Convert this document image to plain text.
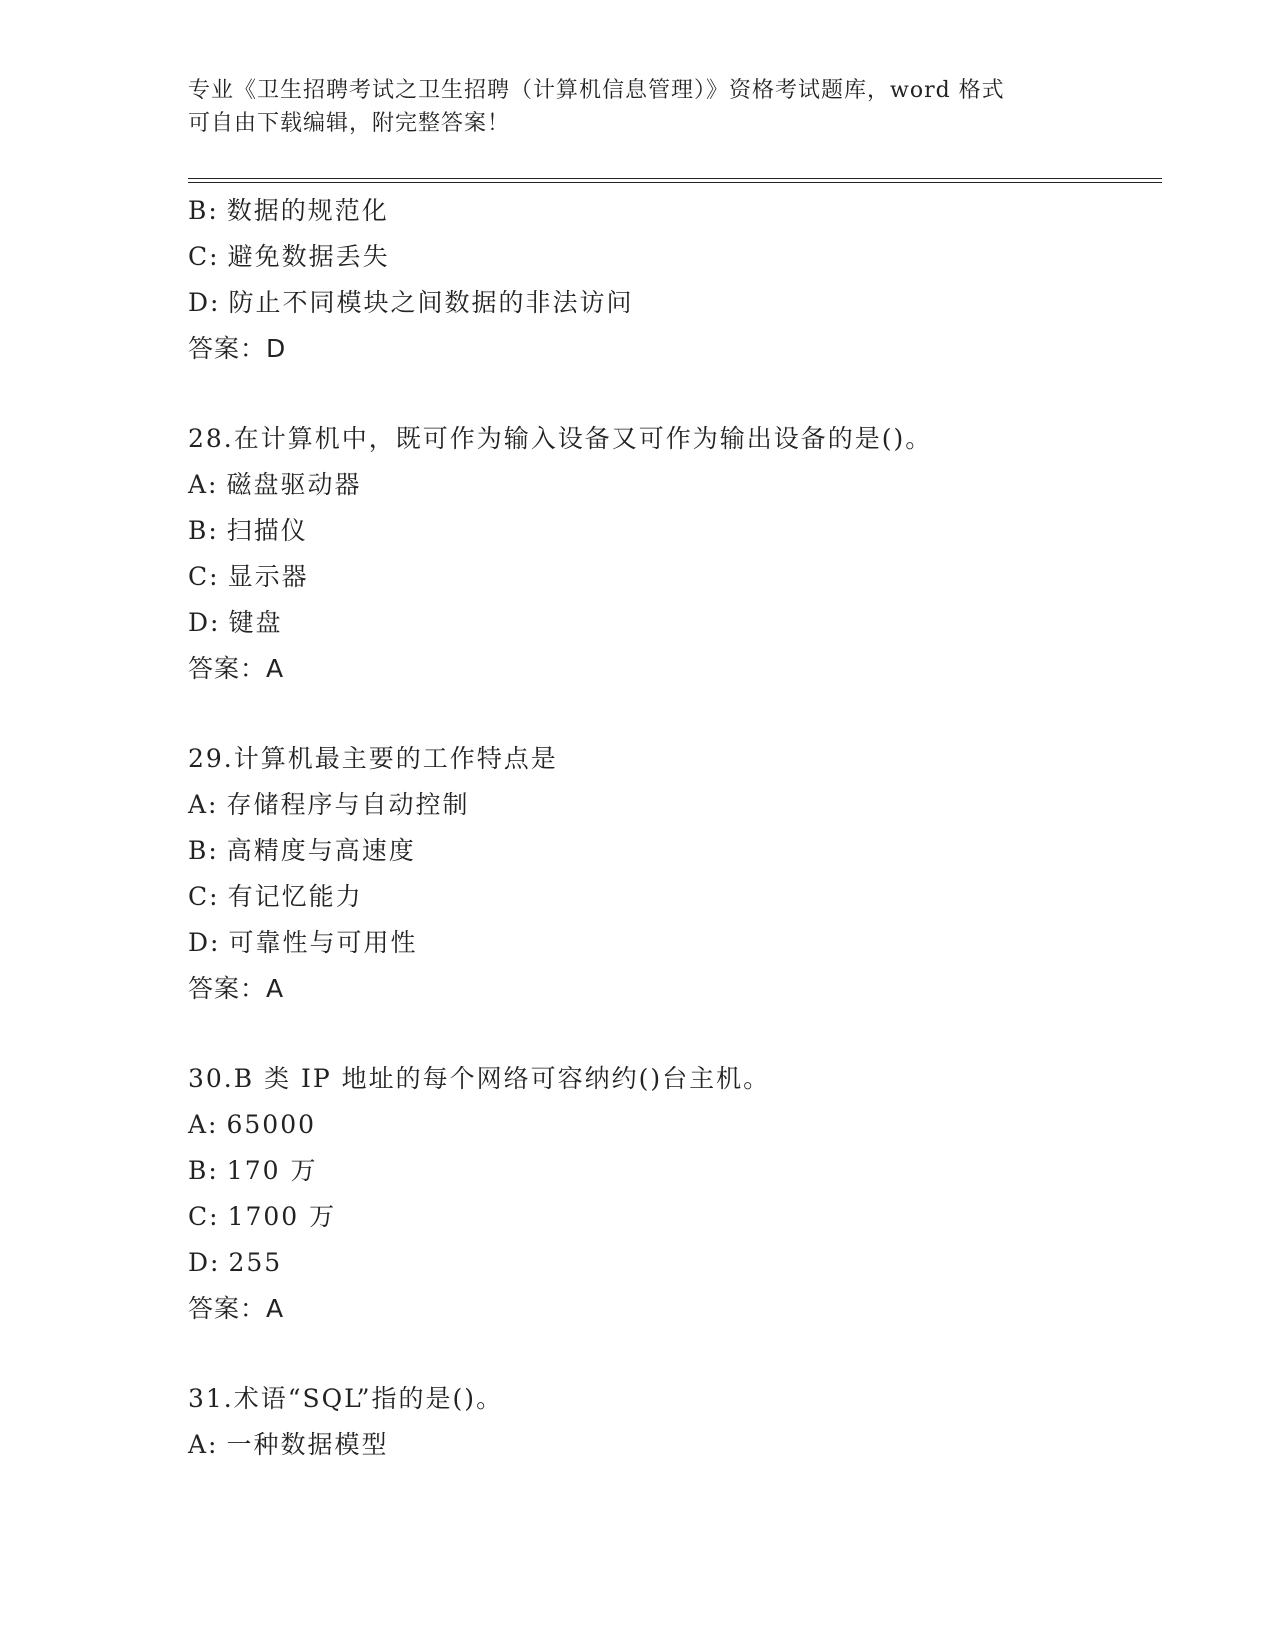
专业《卫生招聘考试之卫生招聘（计算机信息管理）》资格考试题库，word 格式
可自由下载编辑，附完整答案！
B: 数据的规范化
C: 避免数据丢失
D: 防止不同模块之间数据的非法访问
答案：D
28.在计算机中，既可作为输入设备又可作为输出设备的是()。
A: 磁盘驱动器
B: 扫描仪
C: 显示器
D: 键盘
答案：A
29.计算机最主要的工作特点是
A: 存储程序与自动控制
B: 高精度与高速度
C: 有记忆能力
D: 可靠性与可用性
答案：A
30.B 类 IP 地址的每个网络可容纳约()台主机。
A: 65000
B: 170 万
C: 1700 万
D: 255
答案：A
31.术语“SQL”指的是()。
A: 一种数据模型
